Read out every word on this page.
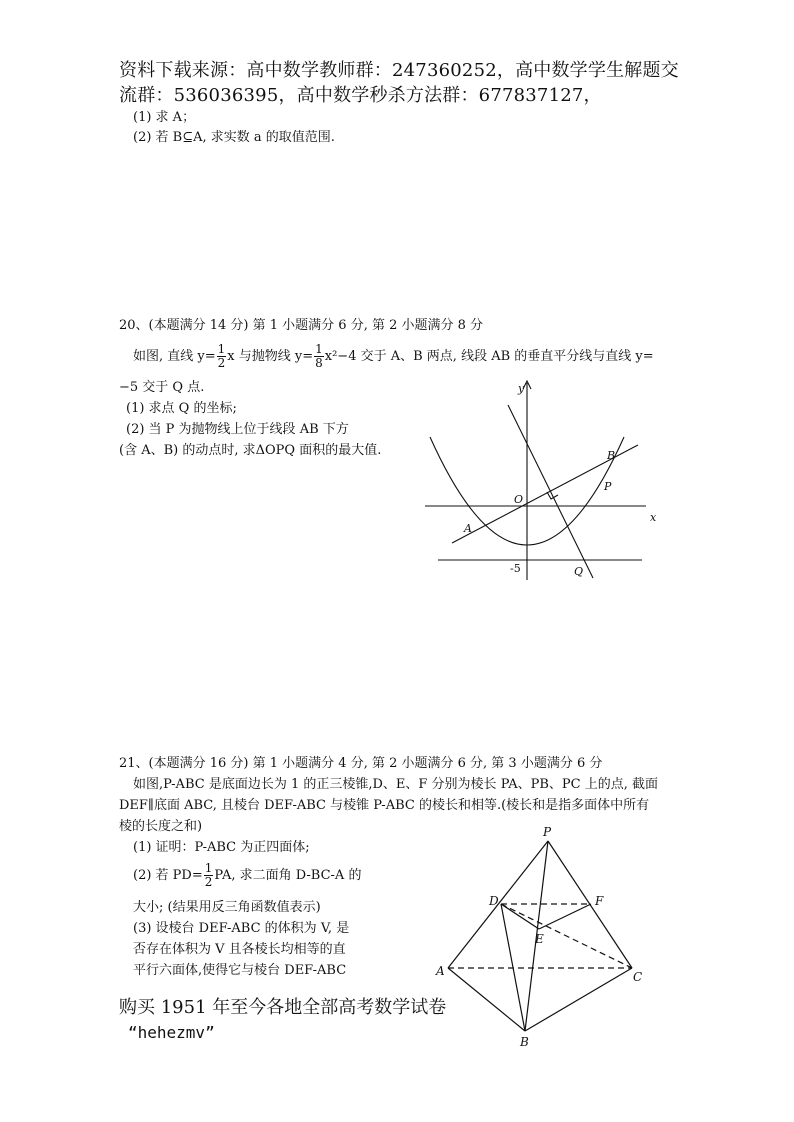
资料下载来源：高中数学教师群：247360252，高中数学学生解题交
流群：536036395，高中数学秒杀方法群：677837127，
(1) 求 A；
(2) 若 B⊆A, 求实数 a 的取值范围.
20、(本题满分 14 分) 第 1 小题满分 6 分, 第 2 小题满分 8 分
如图, 直线 $y= \frac{1}{2}$ x 与抛物线 $y= \frac{1}{8} x^2-4$ 交于 A、B 两点, 线段 AB 的垂直平分线与直线 y=
−5 交于 Q 点.
(1) 求点 Q 的坐标;
(2) 当 P 为抛物线上位于线段 AB 下方
(含 A、B) 的动点时, 求ΔOPQ 面积的最大值.
y
x
O
A
B
P
Q
-5
21、(本题满分 16 分) 第 1 小题满分 4 分, 第 2 小题满分 6 分, 第 3 小题满分 6 分
如图,P-ABC 是底面边长为 1 的正三棱锥,D、E、F 分别为棱长 PA、PB、PC 上的点, 截面
DEF∥底面 ABC, 且棱台 DEF-ABC 与棱锥 P-ABC 的棱长和相等.(棱长和是指多面体中所有
棱的长度之和)
(1) 证明：P-ABC 为正四面体;
(2) 若 $PD= \frac{1}{2}$ PA, 求二面角 D-BC-A 的
大小; (结果用反三角函数值表示)
(3) 设棱台 DEF-ABC 的体积为 V, 是
否存在体积为 V 且各棱长均相等的直
平行六面体,使得它与棱台 DEF-ABC
P
D	F
E
A	C
B
购买 1951 年至今各地全部高考数学试卷
“hehezmv”
